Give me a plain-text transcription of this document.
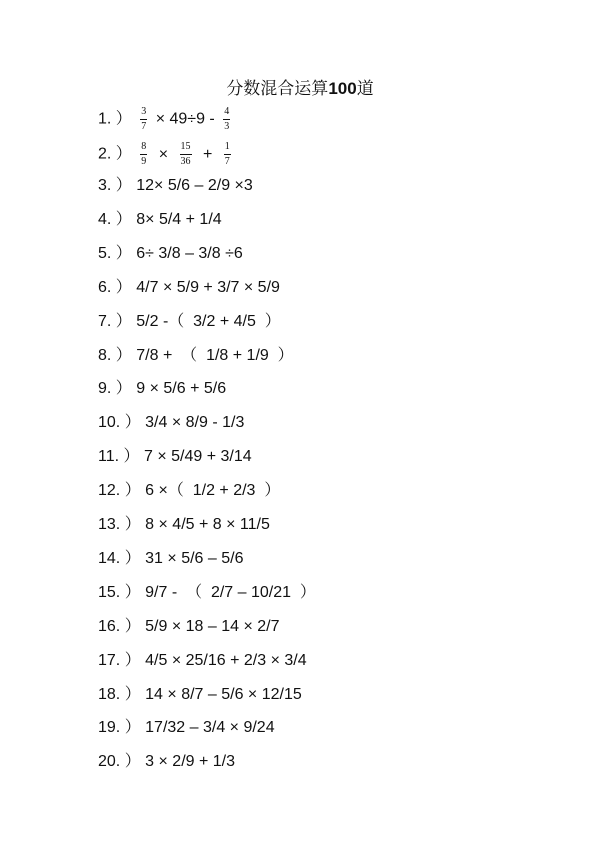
分数混合运算100道
1. ） $\frac{3}{7} \times 49\div 9 - \frac{4}{3}$
2. ） $\frac{8}{9} \times \frac{15}{36} + \frac{1}{7}$
3. ） 12× 5/6 – 2/9 ×3
4. ） 8× 5/4 + 1/4
5. ） 6÷ 3/8 – 3/8 ÷6
6. ） 4/7 × 5/9 + 3/7 × 5/9
7. ） 5/2 -（  3/2 + 4/5  ）
8. ） 7/8 +  （  1/8 + 1/9  ）
9. ） 9 × 5/6 + 5/6
10. ） 3/4 × 8/9 - 1/3
11. ） 7 × 5/49 + 3/14
12. ） 6 ×（  1/2 + 2/3  ）
13. ） 8 × 4/5 + 8 × 11/5
14. ） 31 × 5/6 – 5/6
15. ） 9/7 -  （  2/7 – 10/21  ）
16. ） 5/9 × 18 – 14 × 2/7
17. ） 4/5 × 25/16 + 2/3 × 3/4
18. ） 14 × 8/7 – 5/6 × 12/15
19. ） 17/32 – 3/4 × 9/24
20. ） 3 × 2/9 + 1/3
